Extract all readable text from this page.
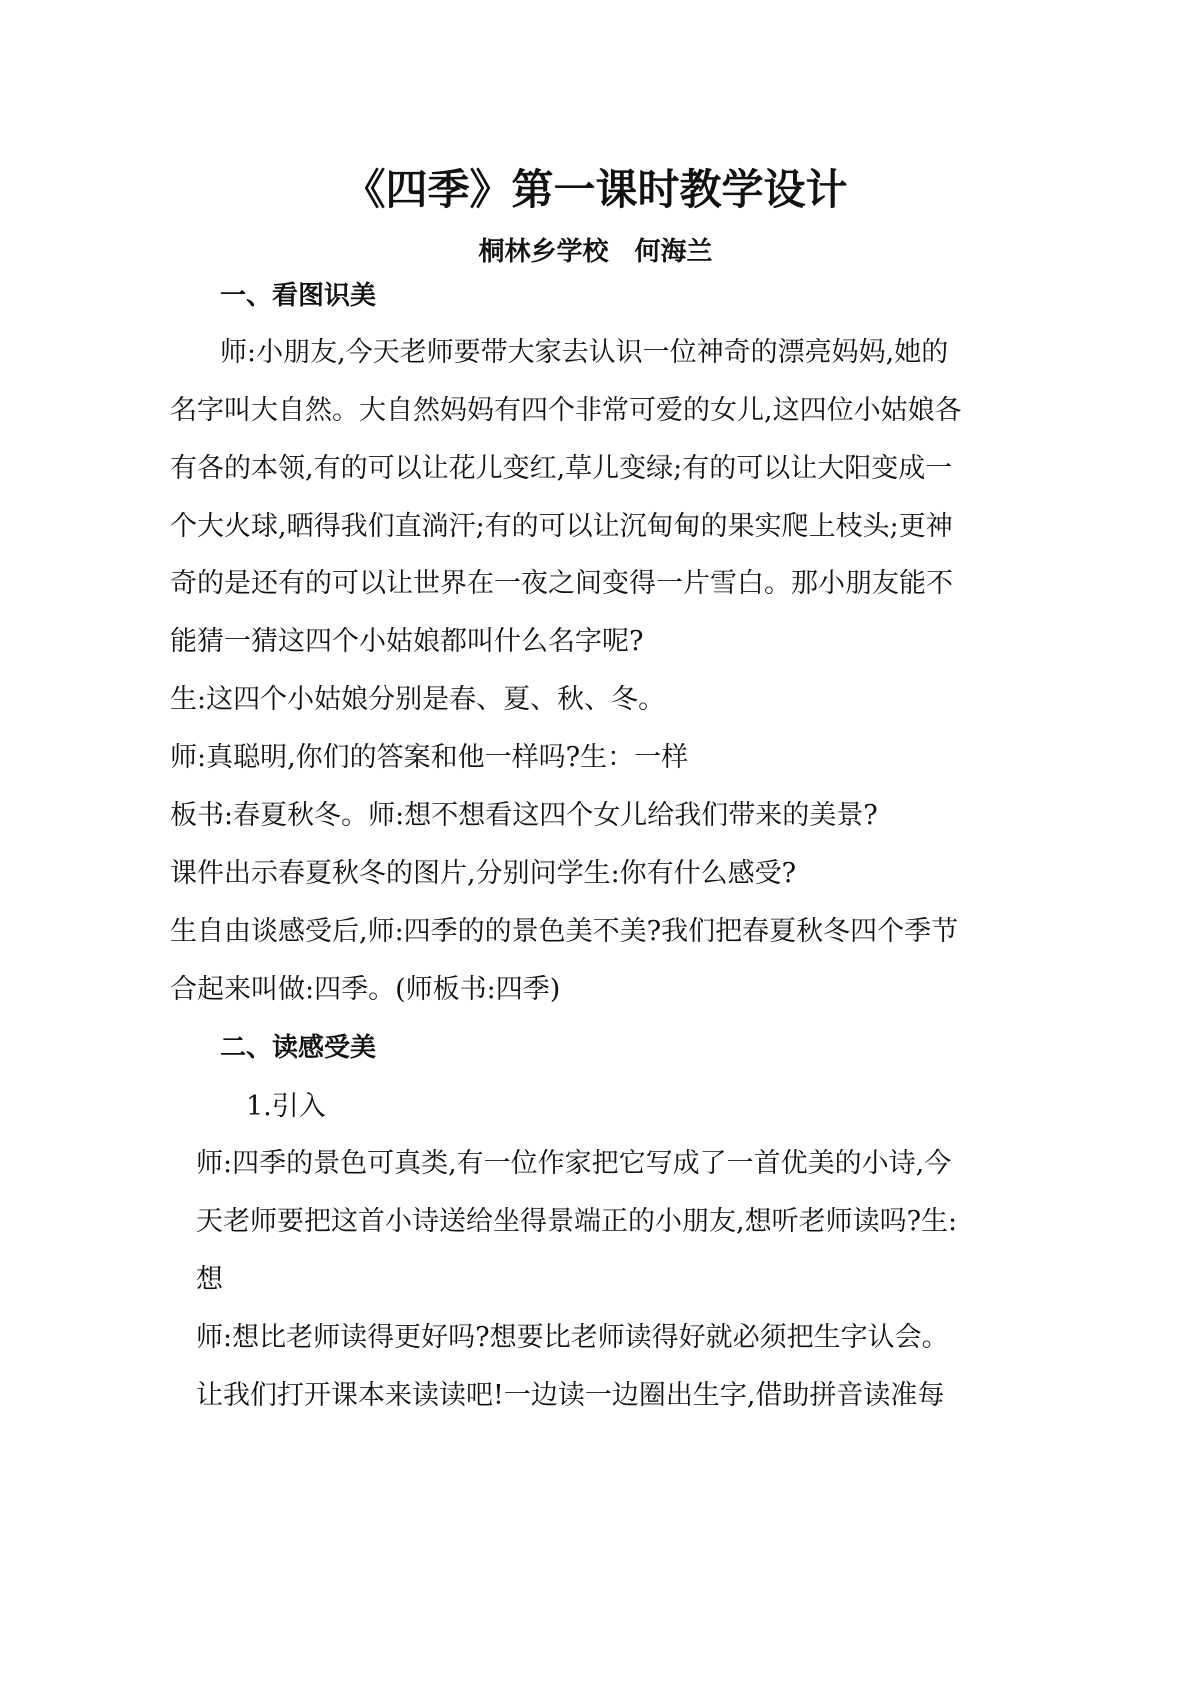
《四季》第一课时教学设计
桐林乡学校　何海兰
一、看图识美
师:小朋友,今天老师要带大家去认识一位神奇的漂亮妈妈,她的
名字叫大自然。大自然妈妈有四个非常可爱的女儿,这四位小姑娘各
有各的本领,有的可以让花儿变红,草儿变绿;有的可以让大阳变成一
个大火球,晒得我们直淌汗;有的可以让沉甸甸的果实爬上枝头;更神
奇的是还有的可以让世界在一夜之间变得一片雪白。那小朋友能不
能猜一猜这四个小姑娘都叫什么名字呢?
生:这四个小姑娘分别是春、夏、秋、冬。
师:真聪明,你们的答案和他一样吗?生：一样
板书:春夏秋冬。师:想不想看这四个女儿给我们带来的美景?
课件出示春夏秋冬的图片,分别问学生:你有什么感受?
生自由谈感受后,师:四季的的景色美不美?我们把春夏秋冬四个季节
合起来叫做:四季。(师板书:四季)
二、读感受美
1.引入
师:四季的景色可真类,有一位作家把它写成了一首优美的小诗,今
天老师要把这首小诗送给坐得景端正的小朋友,想听老师读吗?生:
想
师:想比老师读得更好吗?想要比老师读得好就必须把生字认会。
让我们打开课本来读读吧!一边读一边圈出生字,借助拼音读准每
